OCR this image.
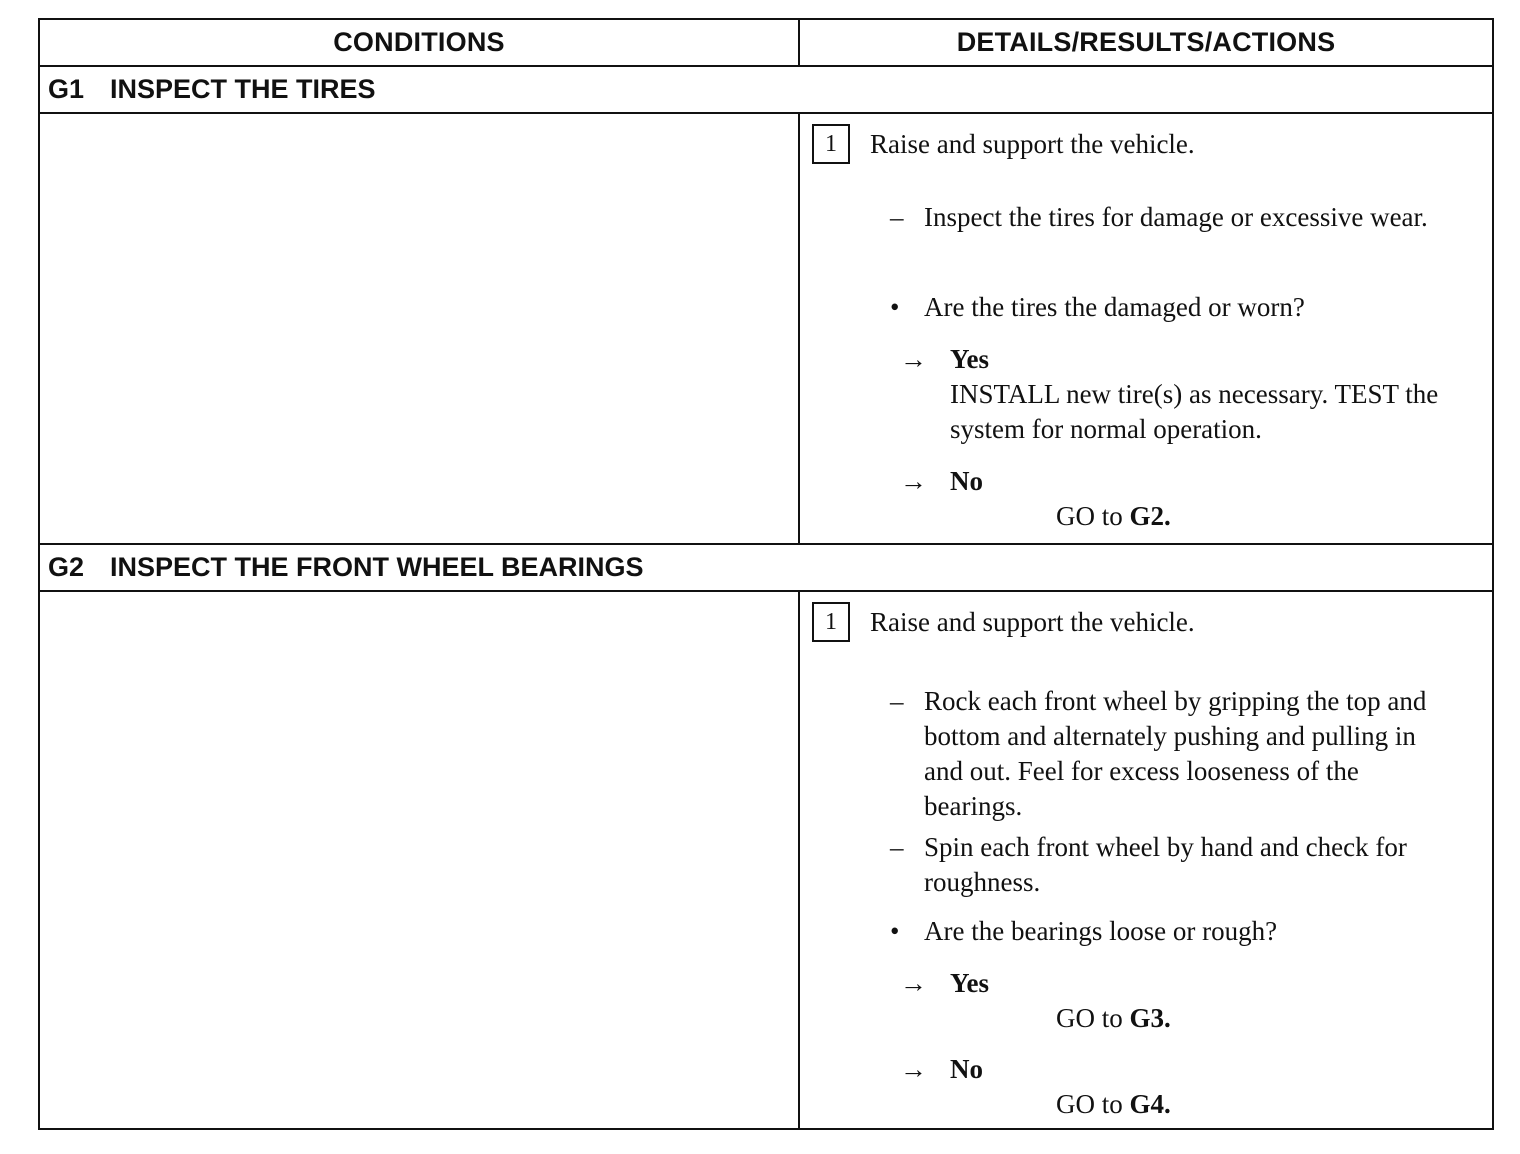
CONDITIONS	DETAILS/RESULTS/ACTIONS
G1 INSPECT THE TIRES
1	Raise and support the vehicle.
– Inspect the tires for damage or excessive wear.
• Are the tires the damaged or worn?
→ Yes
INSTALL new tire(s) as necessary. TEST the system for normal operation.
→ No
GO to G2.
G2 INSPECT THE FRONT WHEEL BEARINGS
1	Raise and support the vehicle.
– Rock each front wheel by gripping the top and bottom and alternately pushing and pulling in and out. Feel for excess looseness of the bearings.
– Spin each front wheel by hand and check for roughness.
• Are the bearings loose or rough?
→ Yes
GO to G3.
→ No
GO to G4.
